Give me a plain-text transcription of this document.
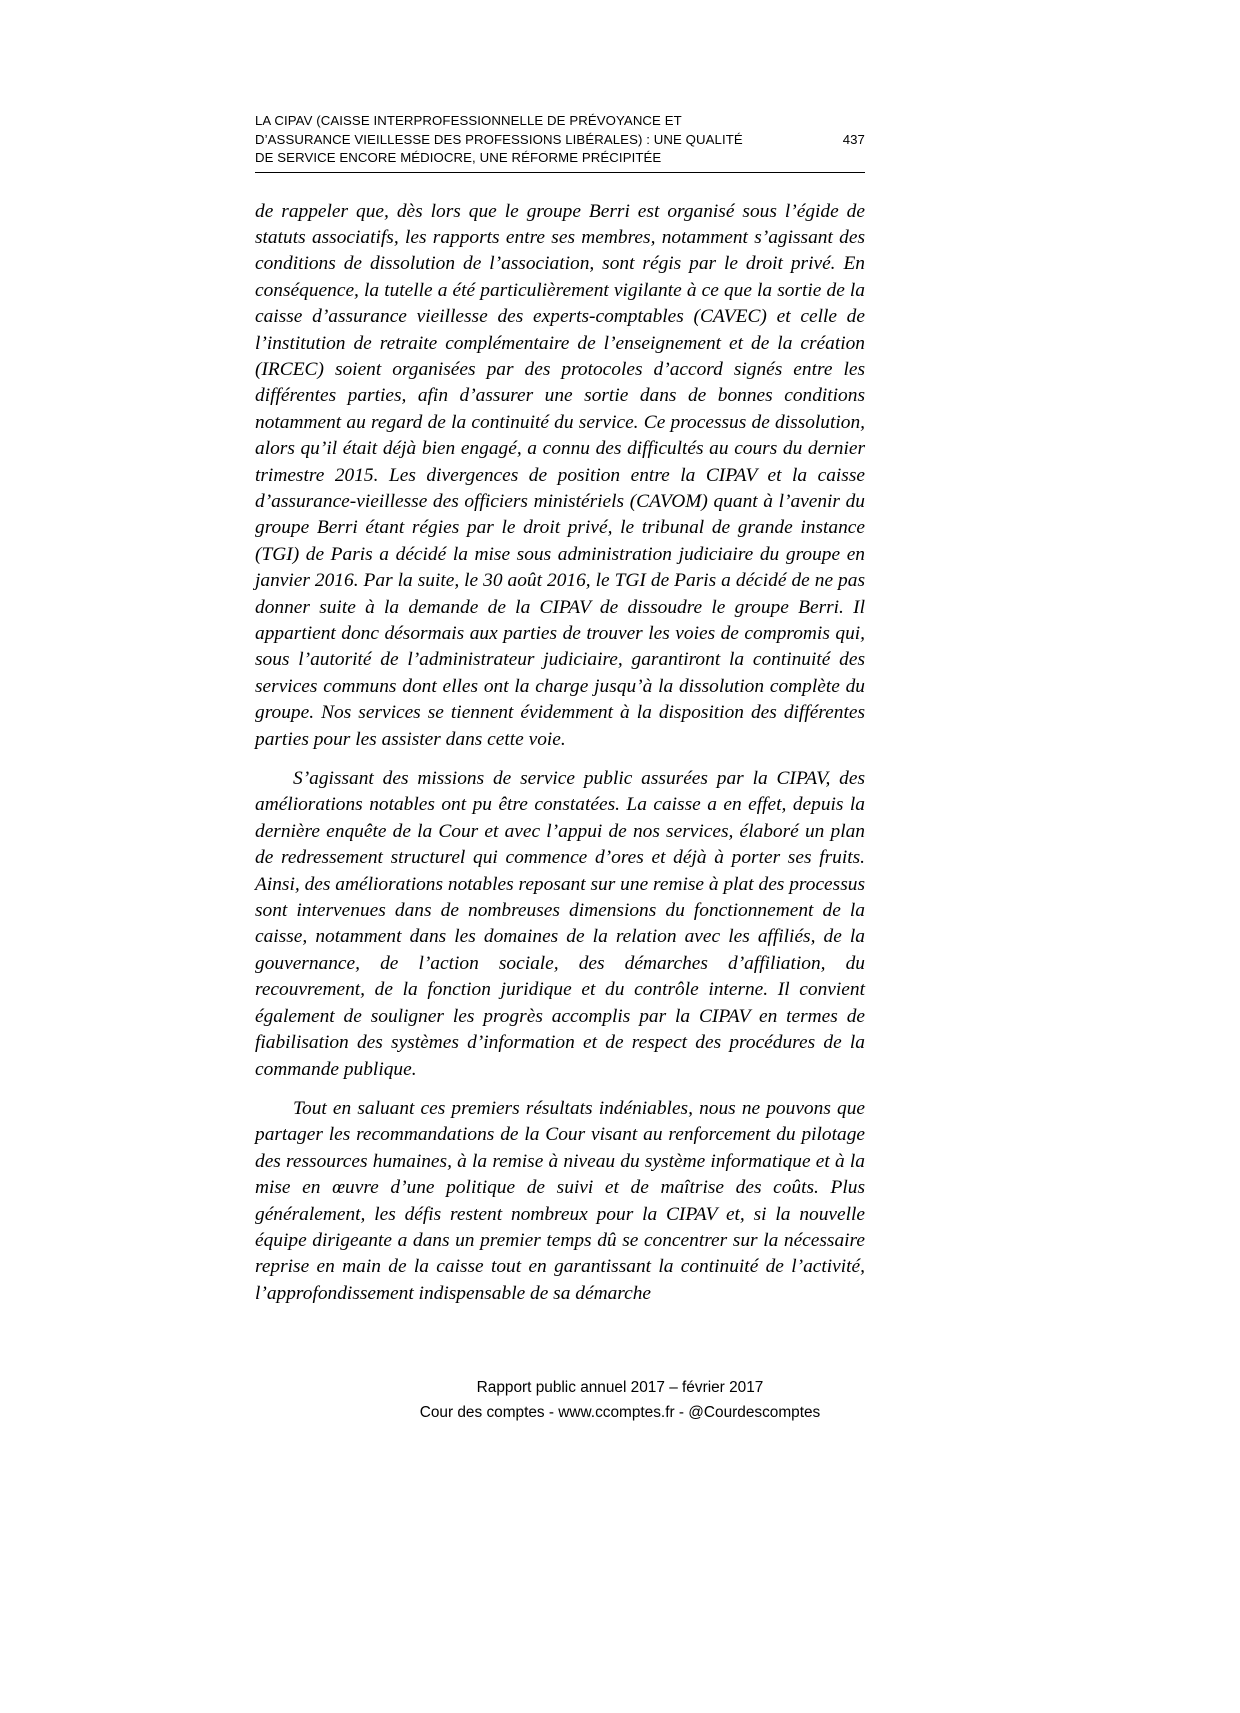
LA CIPAV (CAISSE INTERPROFESSIONNELLE DE PRÉVOYANCE ET
D’ASSURANCE VIEILLESSE DES PROFESSIONS LIBÉRALES) : UNE QUALITÉ
DE SERVICE ENCORE MÉDIOCRE, UNE RÉFORME PRÉCIPITÉE
437

de rappeler que, dès lors que le groupe Berri est organisé sous l’égide de statuts associatifs, les rapports entre ses membres, notamment s’agissant des conditions de dissolution de l’association, sont régis par le droit privé. En conséquence, la tutelle a été particulièrement vigilante à ce que la sortie de la caisse d’assurance vieillesse des experts-comptables (CAVEC) et celle de l’institution de retraite complémentaire de l’enseignement et de la création (IRCEC) soient organisées par des protocoles d’accord signés entre les différentes parties, afin d’assurer une sortie dans de bonnes conditions notamment au regard de la continuité du service. Ce processus de dissolution, alors qu’il était déjà bien engagé, a connu des difficultés au cours du dernier trimestre 2015. Les divergences de position entre la CIPAV et la caisse d’assurance-vieillesse des officiers ministériels (CAVOM) quant à l’avenir du groupe Berri étant régies par le droit privé, le tribunal de grande instance (TGI) de Paris a décidé la mise sous administration judiciaire du groupe en janvier 2016. Par la suite, le 30 août 2016, le TGI de Paris a décidé de ne pas donner suite à la demande de la CIPAV de dissoudre le groupe Berri. Il appartient donc désormais aux parties de trouver les voies de compromis qui, sous l’autorité de l’administrateur judiciaire, garantiront la continuité des services communs dont elles ont la charge jusqu’à la dissolution complète du groupe. Nos services se tiennent évidemment à la disposition des différentes parties pour les assister dans cette voie.

S’agissant des missions de service public assurées par la CIPAV, des améliorations notables ont pu être constatées. La caisse a en effet, depuis la dernière enquête de la Cour et avec l’appui de nos services, élaboré un plan de redressement structurel qui commence d’ores et déjà à porter ses fruits. Ainsi, des améliorations notables reposant sur une remise à plat des processus sont intervenues dans de nombreuses dimensions du fonctionnement de la caisse, notamment dans les domaines de la relation avec les affiliés, de la gouvernance, de l’action sociale, des démarches d’affiliation, du recouvrement, de la fonction juridique et du contrôle interne. Il convient également de souligner les progrès accomplis par la CIPAV en termes de fiabilisation des systèmes d’information et de respect des procédures de la commande publique.

Tout en saluant ces premiers résultats indéniables, nous ne pouvons que partager les recommandations de la Cour visant au renforcement du pilotage des ressources humaines, à la remise à niveau du système informatique et à la mise en œuvre d’une politique de suivi et de maîtrise des coûts. Plus généralement, les défis restent nombreux pour la CIPAV et, si la nouvelle équipe dirigeante a dans un premier temps dû se concentrer sur la nécessaire reprise en main de la caisse tout en garantissant la continuité de l’activité, l’approfondissement indispensable de sa démarche

Rapport public annuel 2017 – février 2017
Cour des comptes - www.ccomptes.fr - @Courdescomptes
